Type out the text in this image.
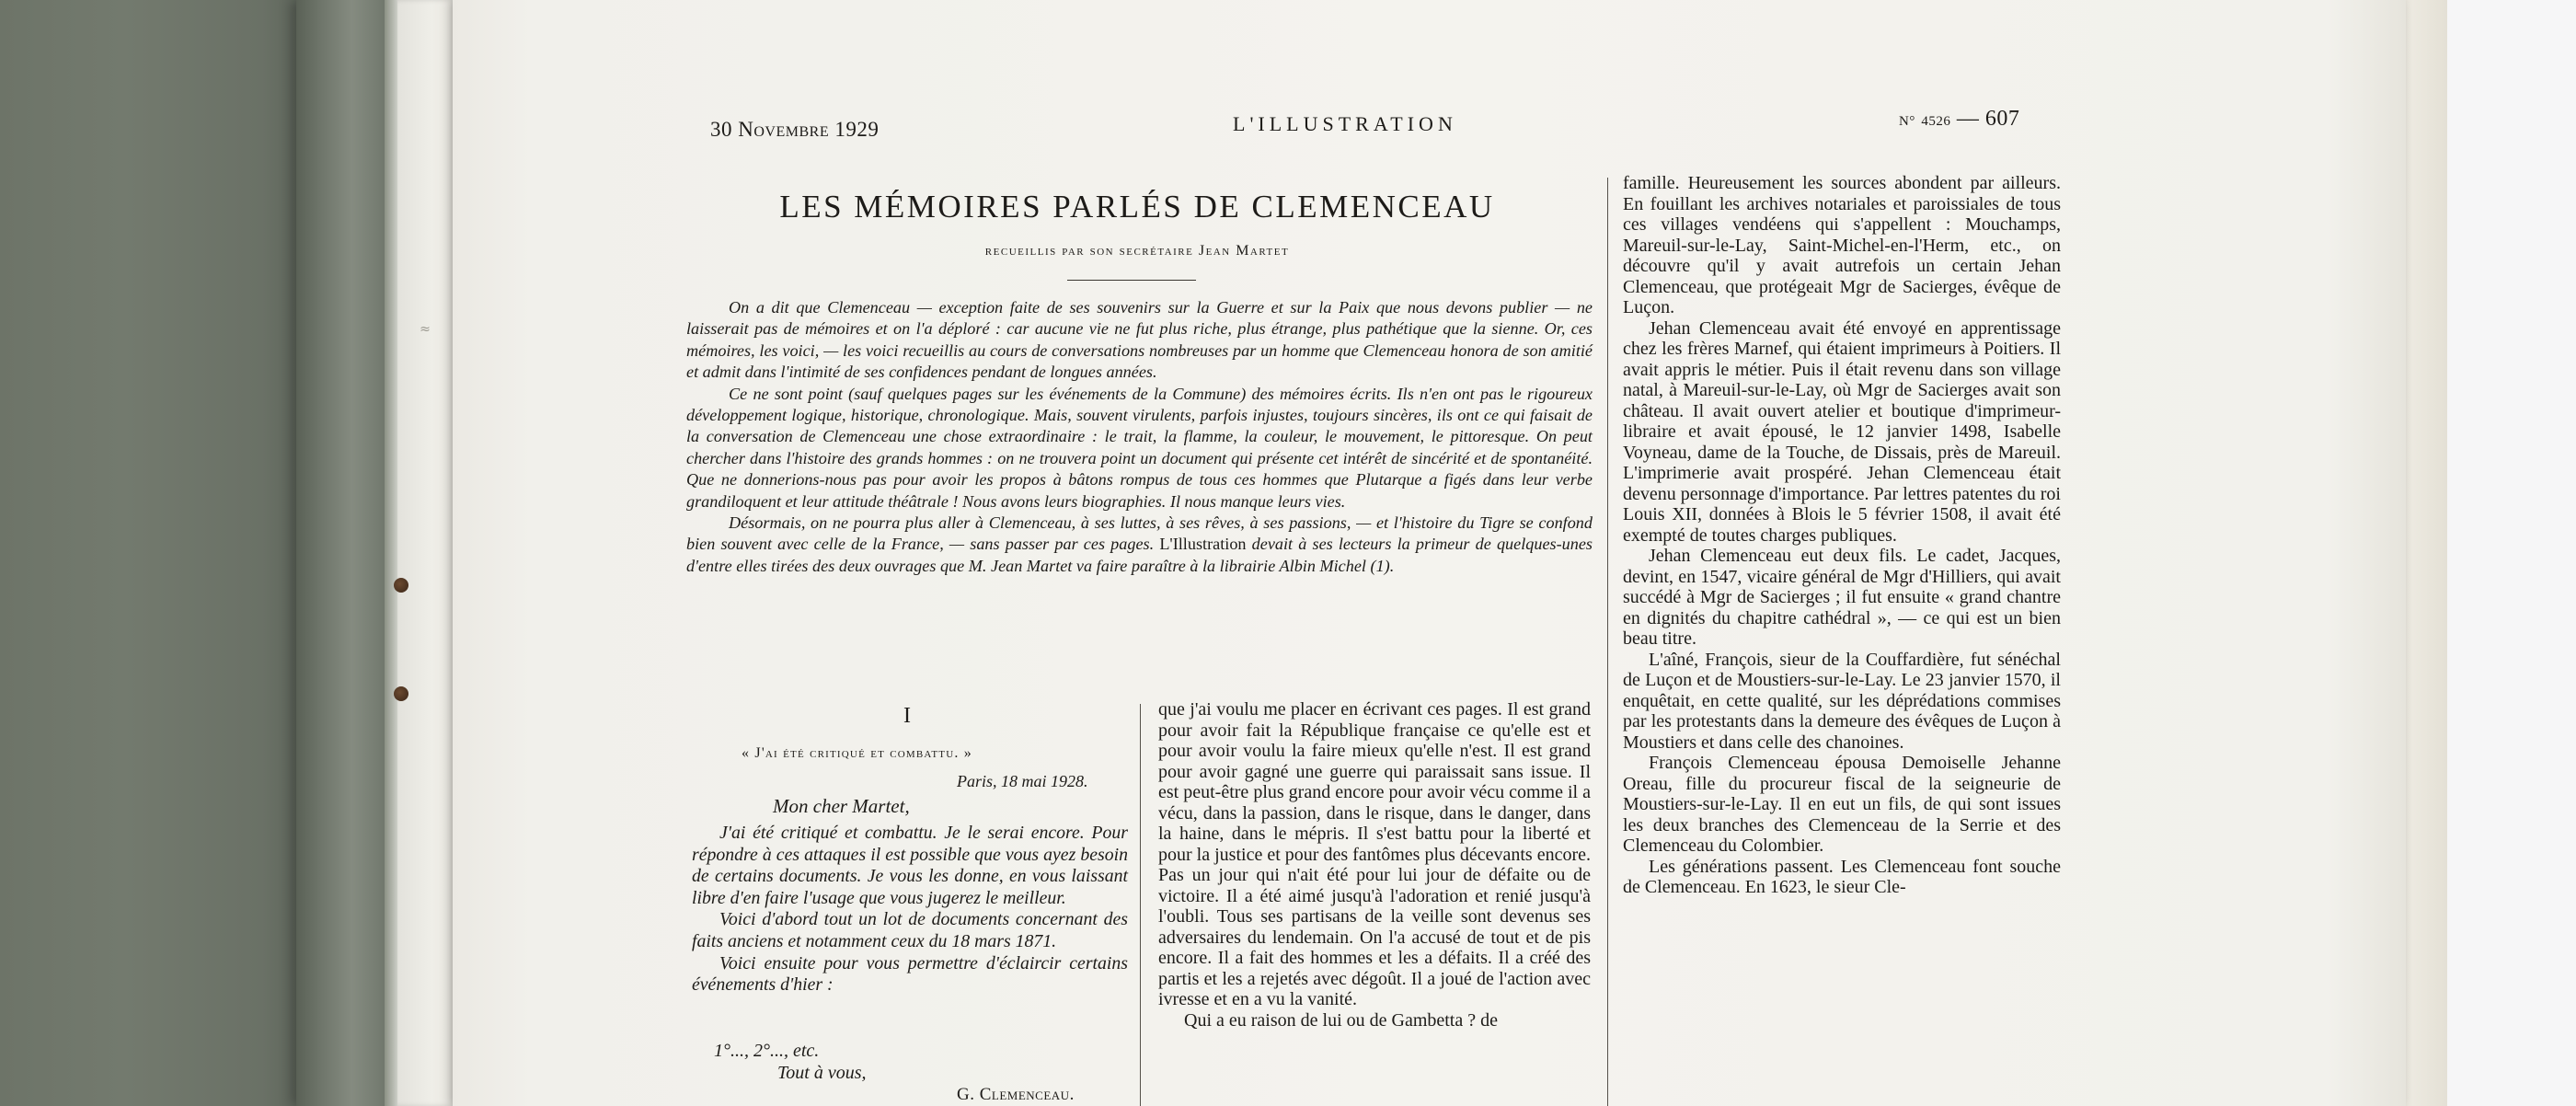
≈
30 Novembre 1929	L'ILLUSTRATION	N° 4526 — 607
LES MÉMOIRES PARLÉS DE CLEMENCEAU
recueillis par son secrétaire Jean Martet

On a dit que Clemenceau — exception faite de ses souvenirs sur la Guerre et sur la Paix que nous devons publier — ne laisserait pas de mémoires et on l'a déploré : car aucune vie ne fut plus riche, plus étrange, plus pathétique que la sienne. Or, ces mémoires, les voici, — les voici recueillis au cours de conversations nombreuses par un homme que Clemenceau honora de son amitié et admit dans l'intimité de ses confidences pendant de longues années.

Ce ne sont point (sauf quelques pages sur les événements de la Commune) des mémoires écrits. Ils n'en ont pas le rigoureux développement logique, historique, chronologique. Mais, souvent virulents, parfois injustes, toujours sincères, ils ont ce qui faisait de la conversation de Clemenceau une chose extraordinaire : le trait, la flamme, la couleur, le mouvement, le pittoresque. On peut chercher dans l'histoire des grands hommes : on ne trouvera point un document qui présente cet intérêt de sincérité et de spontanéité. Que ne donnerions-nous pas pour avoir les propos à bâtons rompus de tous ces hommes que Plutarque a figés dans leur verbe grandiloquent et leur attitude théâtrale ! Nous avons leurs biographies. Il nous manque leurs vies.

Désormais, on ne pourra plus aller à Clemenceau, à ses luttes, à ses rêves, à ses passions, — et l'histoire du Tigre se confond bien souvent avec celle de la France, — sans passer par ces pages. L'Illustration devait à ses lecteurs la primeur de quelques-unes d'entre elles tirées des deux ouvrages que M. Jean Martet va faire paraître à la librairie Albin Michel (1).

I
« J'ai été critiqué et combattu. »
Paris, 18 mai 1928.
Mon cher Martet,

J'ai été critiqué et combattu. Je le serai encore. Pour répondre à ces attaques il est possible que vous ayez besoin de certains documents. Je vous les donne, en vous laissant libre d'en faire l'usage que vous jugerez le meilleur.

Voici d'abord tout un lot de documents concernant des faits anciens et notamment ceux du 18 mars 1871.

Voici ensuite pour vous permettre d'éclaircir certains événements d'hier :

1°..., 2°..., etc.
Tout à vous,
G. Clemenceau.

que j'ai voulu me placer en écrivant ces pages. Il est grand pour avoir fait la République française ce qu'elle est et pour avoir voulu la faire mieux qu'elle n'est. Il est grand pour avoir gagné une guerre qui paraissait sans issue. Il est peut-être plus grand encore pour avoir vécu comme il a vécu, dans la passion, dans le risque, dans le danger, dans la haine, dans le mépris. Il s'est battu pour la liberté et pour la justice et pour des fantômes plus décevants encore. Pas un jour qui n'ait été pour lui jour de défaite ou de victoire. Il a été aimé jusqu'à l'adoration et renié jusqu'à l'oubli. Tous ses partisans de la veille sont devenus ses adversaires du lendemain. On l'a accusé de tout et de pis encore. Il a fait des hommes et les a défaits. Il a créé des partis et les a rejetés avec dégoût. Il a joué de l'action avec ivresse et en a vu la vanité.

Qui a eu raison de lui ou de Gambetta ? de

famille. Heureusement les sources abondent par ailleurs. En fouillant les archives notariales et paroissiales de tous ces villages vendéens qui s'appellent : Mouchamps, Mareuil-sur-le-Lay, Saint-Michel-en-l'Herm, etc., on découvre qu'il y avait autrefois un certain Jehan Clemenceau, que protégeait Mgr de Sacierges, évêque de Luçon.

Jehan Clemenceau avait été envoyé en apprentissage chez les frères Marnef, qui étaient imprimeurs à Poitiers. Il avait appris le métier. Puis il était revenu dans son village natal, à Mareuil-sur-le-Lay, où Mgr de Sacierges avait son château. Il avait ouvert atelier et boutique d'imprimeur-libraire et avait épousé, le 12 janvier 1498, Isabelle Voyneau, dame de la Touche, de Dissais, près de Mareuil. L'imprimerie avait prospéré. Jehan Clemenceau était devenu personnage d'importance. Par lettres patentes du roi Louis XII, données à Blois le 5 février 1508, il avait été exempté de toutes charges publiques.

Jehan Clemenceau eut deux fils. Le cadet, Jacques, devint, en 1547, vicaire général de Mgr d'Hilliers, qui avait succédé à Mgr de Sacierges ; il fut ensuite « grand chantre en dignités du chapitre cathédral », — ce qui est un bien beau titre.

L'aîné, François, sieur de la Couffardière, fut sénéchal de Luçon et de Moustiers-sur-le-Lay. Le 23 janvier 1570, il enquêtait, en cette qualité, sur les déprédations commises par les protestants dans la demeure des évêques de Luçon à Moustiers et dans celle des chanoines.

François Clemenceau épousa Demoiselle Jehanne Oreau, fille du procureur fiscal de la seigneurie de Moustiers-sur-le-Lay. Il en eut un fils, de qui sont issues les deux branches des Clemenceau de la Serrie et des Clemenceau du Colombier.

Les générations passent. Les Clemenceau font souche de Clemenceau. En 1623, le sieur Cle-
